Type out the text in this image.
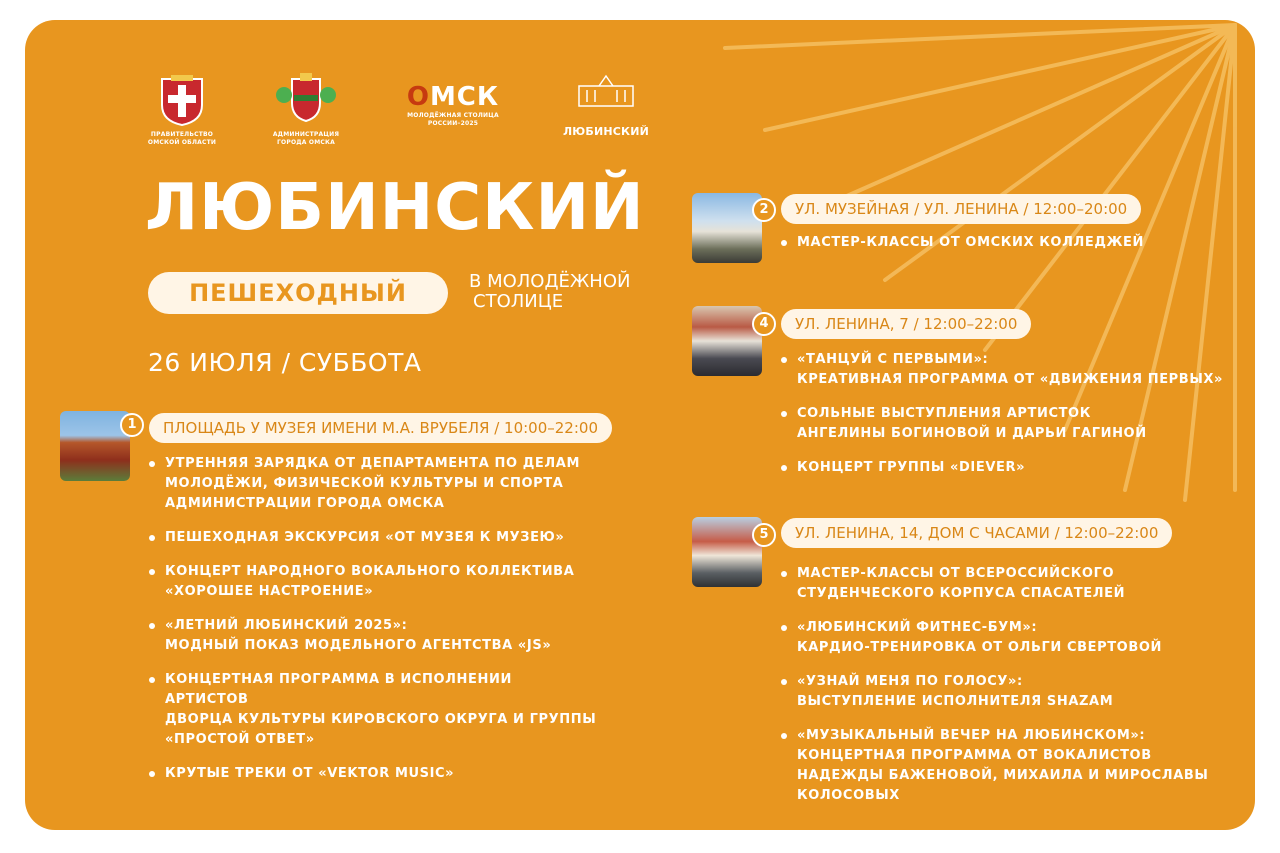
ПРАВИТЕЛЬСТВО
ОМСКОЙ ОБЛАСТИ
АДМИНИСТРАЦИЯ
ГОРОДА ОМСКА
ОМСК
МОЛОДЁЖНАЯ СТОЛИЦА
РОССИИ–2025
ЛЮБИНСКИЙ
ЛЮБИНСКИЙ
ПЕШЕХОДНЫЙ	В МОЛОДЁЖНОЙ
СТОЛИЦЕ
26 ИЮЛЯ / СУББОТА
1	ПЛОЩАДЬ У МУЗЕЯ ИМЕНИ М.А. ВРУБЕЛЯ / 10:00–22:00
УТРЕННЯЯ ЗАРЯДКА ОТ ДЕПАРТАМЕНТА ПО ДЕЛАМ
МОЛОДЁЖИ, ФИЗИЧЕСКОЙ КУЛЬТУРЫ И СПОРТА
АДМИНИСТРАЦИИ ГОРОДА ОМСКА
ПЕШЕХОДНАЯ ЭКСКУРСИЯ «ОТ МУЗЕЯ К МУЗЕЮ»
КОНЦЕРТ НАРОДНОГО ВОКАЛЬНОГО КОЛЛЕКТИВА
«ХОРОШЕЕ НАСТРОЕНИЕ»
«ЛЕТНИЙ ЛЮБИНСКИЙ 2025»:
МОДНЫЙ ПОКАЗ МОДЕЛЬНОГО АГЕНТСТВА «JS»
КОНЦЕРТНАЯ ПРОГРАММА В ИСПОЛНЕНИИ АРТИСТОВ
ДВОРЦА КУЛЬТУРЫ КИРОВСКОГО ОКРУГА И ГРУППЫ
«ПРОСТОЙ ОТВЕТ»
КРУТЫЕ ТРЕКИ ОТ «VEKTOR MUSIC»
2	УЛ. МУЗЕЙНАЯ / УЛ. ЛЕНИНА / 12:00–20:00
МАСТЕР-КЛАССЫ ОТ ОМСКИХ КОЛЛЕДЖЕЙ
4	УЛ. ЛЕНИНА, 7 / 12:00–22:00
«ТАНЦУЙ С ПЕРВЫМИ»:
КРЕАТИВНАЯ ПРОГРАММА ОТ «ДВИЖЕНИЯ ПЕРВЫХ»
СОЛЬНЫЕ ВЫСТУПЛЕНИЯ АРТИСТОК
АНГЕЛИНЫ БОГИНОВОЙ И ДАРЬИ ГАГИНОЙ
КОНЦЕРТ ГРУППЫ «DIEVER»
5	УЛ. ЛЕНИНА, 14, ДОМ С ЧАСАМИ / 12:00–22:00
МАСТЕР-КЛАССЫ ОТ ВСЕРОССИЙСКОГО
СТУДЕНЧЕСКОГО КОРПУСА СПАСАТЕЛЕЙ
«ЛЮБИНСКИЙ ФИТНЕС-БУМ»:
КАРДИО-ТРЕНИРОВКА ОТ ОЛЬГИ СВЕРТОВОЙ
«УЗНАЙ МЕНЯ ПО ГОЛОСУ»:
ВЫСТУПЛЕНИЕ ИСПОЛНИТЕЛЯ SHAZAM
«МУЗЫКАЛЬНЫЙ ВЕЧЕР НА ЛЮБИНСКОМ»:
КОНЦЕРТНАЯ ПРОГРАММА ОТ ВОКАЛИСТОВ
НАДЕЖДЫ БАЖЕНОВОЙ, МИХАИЛА И МИРОСЛАВЫ
КОЛОСОВЫХ
